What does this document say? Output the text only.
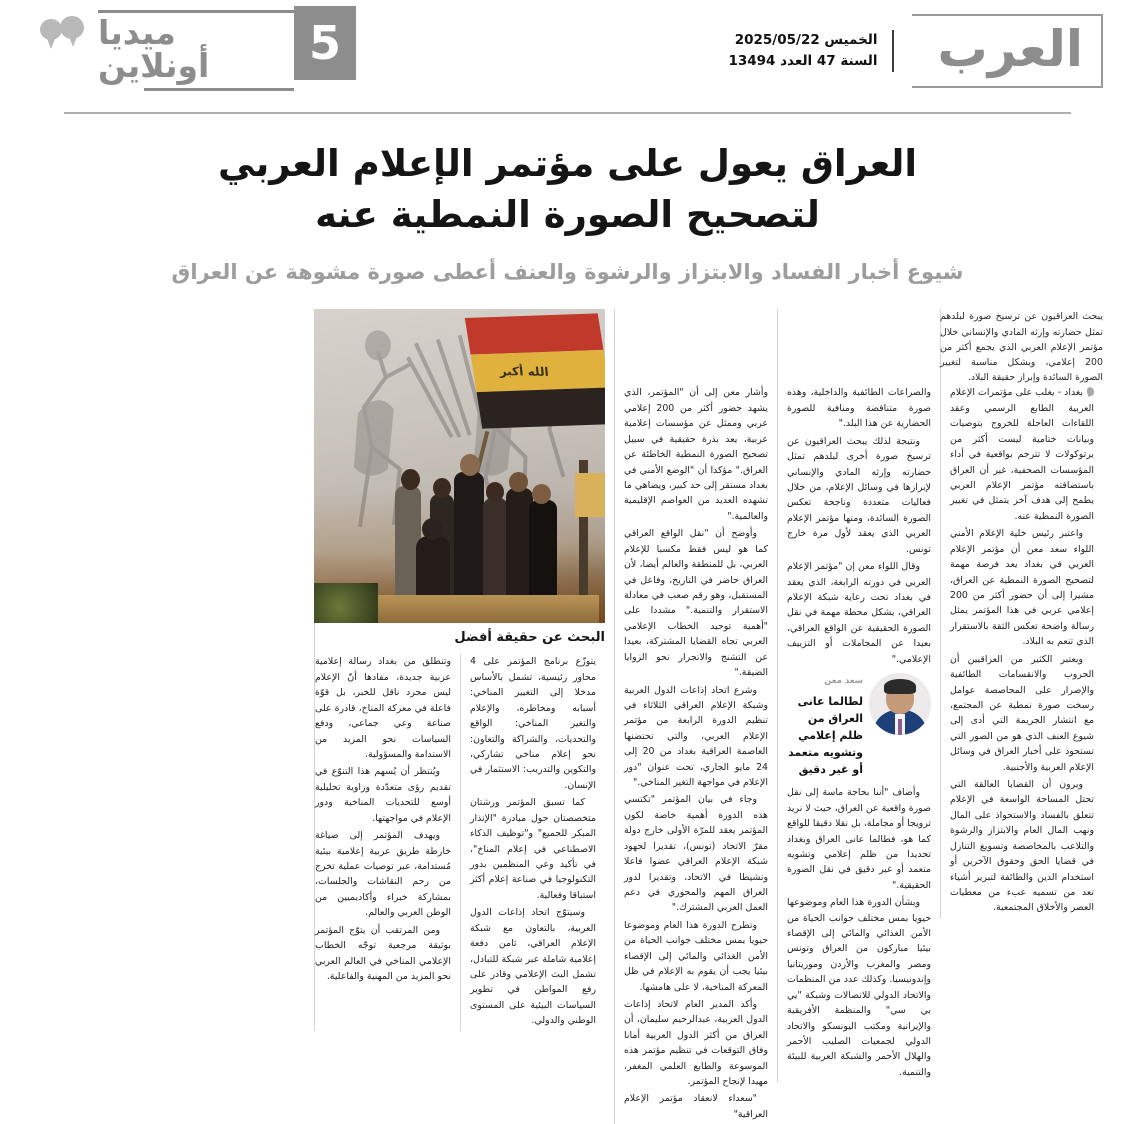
العرب
الخميس 2025/05/22
السنة 47 العدد 13494
5
ميديا
أونلاين
العراق يعول على مؤتمر الإعلام العربي
لتصحيح الصورة النمطية عنه
شيوع أخبار الفساد والابتزاز والرشوة والعنف أعطى صورة مشوهة عن العراق
يبحث العراقيون عن ترسيخ صورة لبلدهم تمثل حضارته وإرثه المادي والإنساني خلال مؤتمر الإعلام العربي الذي يجمع أكثر من 200 إعلامي، ويشكل مناسبة لتغيير الصورة السائدة وإبراز حقيقة البلاد.

بغداد - يغلب على مؤتمرات الإعلام العربية الطابع الرسمي وعقد اللقاءات العاجلة للخروج بتوصيات وبيانات ختامية ليست أكثر من برتوكولات لا تترجم بواقعية في أداء المؤسسات الصحفية، غير أن العراق باستضافته مؤتمر الإعلام العربي يطمح إلى هدف آخر يتمثل في تغيير الصورة النمطية عنه.

واعتبر رئيس خلية الإعلام الأمني اللواء سعد معن أن مؤتمر الإعلام العربي في بغداد يعد فرصة مهمة لتصحيح الصورة النمطية عن العراق، مشيرا إلى أن حضور أكثر من 200 إعلامي عربي في هذا المؤتمر يمثل رسالة واضحة تعكس الثقة بالاستقرار الذي تنعم به البلاد.

ويعتبر الكثير من العراقيين أن الحروب والانقسامات الطائفية والإصرار على المحاصصة عوامل رسخت صورة نمطية عن المجتمع، مع انتشار الجريمة التي أدى إلى شيوع العنف الذي هو من الصور التي تستحوذ على أخبار العراق في وسائل الإعلام العربية والأجنبية.

ويرون أن القضايا العالقة التي تحتل المساحة الواسعة في الإعلام تتعلق بالفساد والاستحواذ على المال ونهب المال العام والابتزاز والرشوة والتلاعب بالمخاصصة وتسويغ التنازل في قضايا الحق وحقوق الآخرين أو استخدام الدين والطائفة لتبرير أشياء تعد من تسميه عبء من معطيات العصر والأخلاق المجتمعية.

والصراعات الطائفية والداخلية، وهذه صورة متناقضة ومنافية للصورة الحضارية عن هذا البلد."

ونتيجة لذلك يبحث العراقيون عن ترسيخ صورة أخرى لبلدهم تمثل حضارته وإرثه المادي والإنساني لإبرازها في وسائل الإعلام، من خلال فعاليات متعددة وناجحة تعكس الصورة السائدة، ومنها مؤتمر الإعلام العربي الذي يعقد لأول مرة خارج تونس.

وقال اللواء معن إن "مؤتمر الإعلام العربي في دورته الرابعة، الذي يعقد في بغداد تحت رعاية شبكة الإعلام العراقي، يشكل محطة مهمة في نقل الصورة الحقيقية عن الواقع العراقي، بعيدا عن المجاملات أو التزييف الإعلامي."

سعد معن
لطالما عانى العراق من ظلم إعلامي وتشويه متعمد أو غير دقيق

وأضاف "أننا بحاجة ماسة إلى نقل صورة واقعية عن العراق، حيث لا نريد ترويجا أو مجاملة، بل نقلا دقيقا للواقع كما هو، فطالما عانى العراق وبغداد تحديدا من ظلم إعلامي وتشويه متعمد أو غير دقيق في نقل الصورة الحقيقية."

وبشأن الدورة هذا العام وموضوعها حيويا بمس مختلف جوانب الحياة من الأمن الغذائي والمائي إلى الإقصاء بيئيا مباركون من العراق وتونس ومصر والمغرب والأردن وموريتانيا وإندونيسيا. وكذلك عدد من المنظمات والاتحاد الدولي للاتصالات وشبكة "يي بي سي" والمنظمة الأفريقية والإيرانية ومكتب اليونسكو والاتحاد الدولي لجمعيات الصليب الأحمر والهلال الأحمر والشبكة العربية للبيئة والتنمية.

وأشار معن إلى أن "المؤتمر، الذي يشهد حضور أكثر من 200 إعلامي عربي وممثل عن مؤسسات إعلامية عربية، يعد بذرة حقيقية في سبيل تصحيح الصورة النمطية الخاطئة عن العراق." مؤكدا أن "الوضع الأمني في بغداد مستقر إلى حد كبير، ويضاهي ما تشهده العديد من العواصم الإقليمية والعالمية."

وأوضح أن "نقل الواقع العراقي كما هو ليس فقط مكسبا للإعلام العربي، بل للمنطقة والعالم أيضا، لأن العراق حاضر في التاريخ، وفاعل في المستقبل، وهو رقم صعب في معادلة الاستقرار والتنمية." مشددا على "أهمية توحيد الخطاب الإعلامي العربي تجاه القضايا المشتركة، بعيدا عن التشنج والانجرار نحو الزوايا الضيقة."

وشرع اتحاد إذاعات الدول العربية وشبكة الإعلام العراقي الثلاثاء في تنظيم الدورة الرابعة من مؤتمر الإعلام العربي، والتي تحتضنها العاصمة العراقية بغداد من 20 إلى 24 مايو الجاري، تحت عنوان "دور الإعلام في مواجهة التغير المناخي."

وجاء في بيان المؤتمر "تكتسي هذه الدورة أهمية خاصة لكون المؤتمر يعقد للمرّة الأولى خارج دولة مقرّ الاتحاد (تونس)، تقديرا لجهود شبكة الإعلام العراقي عضوا فاعلا ونشيطا في الاتحاد، وتقديرا لدور العراق المهم والمحوري في دعم العمل العربي المشترك."

وتطرح الدورة هذا العام وموضوعا حيويا يمس مختلف جوانب الحياة من الأمن الغذائي والمائي إلى الإقصاء بيئيا يجب أن يقوم به الإعلام في ظل المعركة المناخية، لا على هامشها.

وأكد المدير العام لاتحاد إذاعات الدول العربية، عبدالرحيم سليمان، أن العراق من أكثر الدول العربية أمانا وفاق التوقعات في تنظيم مؤتمر هذه الموسوعة والطابع العلمي المغفر، مهيدا لإنجاح المؤتمر.

"سعداء لانعقاد مؤتمر الإعلام العراقية"

الله أكبر
البحث عن حقيقة أفضل

يتوزّع برنامج المؤتمر على 4 محاور رئيسية، تشمل بالأساس مدخلا إلى التغيير المناخي: أسبابه ومخاطره، والإعلام والتغير المناخي: الواقع والتحديات، والشراكة والتعاون: نحو إعلام مناخي تشاركي، والتكوين والتدريب: الاستثمار في الإنسان.

كما تسبق المؤتمر ورشتان متخصصتان حول مبادرة "الإنذار المبكر للجميع" و"توظيف الذكاء الاصطناعي في إعلام المناخ"، في تأكيد وعي المنظمين بدور التكنولوجيا في صناعة إعلام أكثر استباقا وفعالية.

وسيتوّج اتحاد إذاعات الدول العربية، بالتعاون مع شبكة الإعلام العراقي، ثامن دفعة إعلامية شاملة عبر شبكة للتبادل، تشمل البث الإعلامي وقادر على رفع المواطن في تطوير السياسات البيئية على المستوى الوطني والدولي.

وتنطلق من بغداد رسالة إعلامية عربية جديدة، مفادها أنّ الإعلام ليس مجرد ناقل للخبر، بل قوّة فاعلة في معركة المناخ، قادرة على صناعة وعي جماعي، ودفع السياسات نحو المزيد من الاستدامة والمسؤولية.

ويُنتظر أن يُسهم هذا التنوّع في تقديم رؤى متعدّدة وزاوية تحليلية أوسع للتحديات المناخية ودور الإعلام في مواجهتها.

ويهدف المؤتمر إلى صياغة خارطة طريق عربية إعلامية بيئية مُستدامة، عبر توصيات عملية تخرج من رحم النقاشات والجلسات، بمشاركة خبراء وأكاديميين من الوطن العربي والعالم.

ومن المرتقب أن يتوّج المؤتمر بوثيقة مرجعية توجّه الخطاب الإعلامي المناخي في العالم العربي نحو المزيد من المهنية والفاعلية.
